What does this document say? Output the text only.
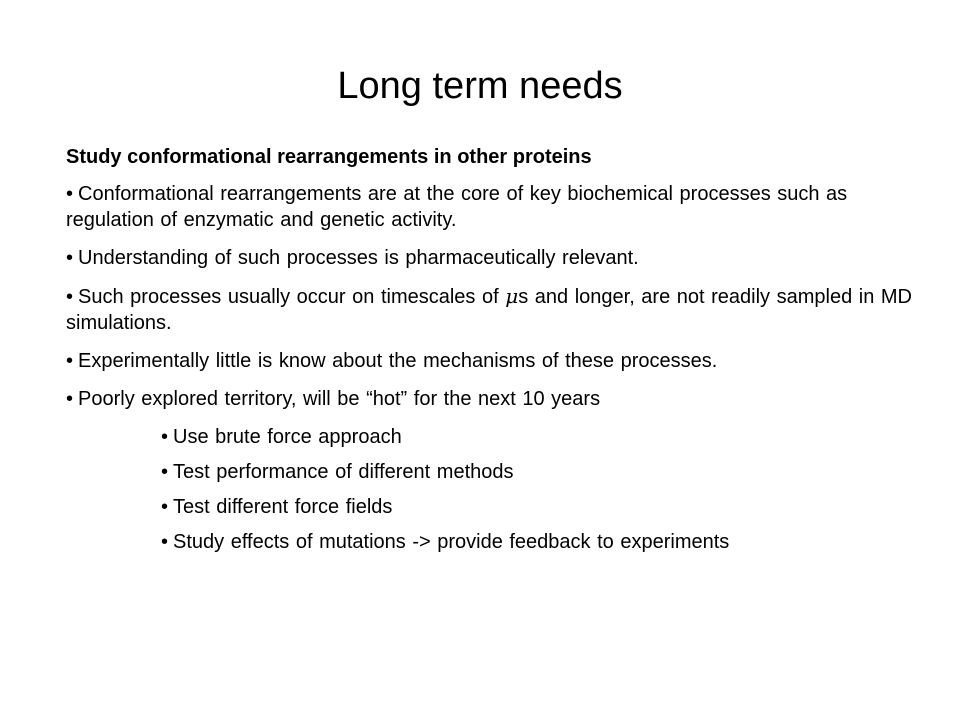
Long term needs

Study conformational rearrangements in other proteins

• Conformational rearrangements are at the core of key biochemical processes such as regulation of enzymatic and genetic activity.

• Understanding of such processes is pharmaceutically relevant.

• Such processes usually occur on timescales of μs and longer, are not readily sampled in MD simulations.

• Experimentally little is know about the mechanisms of these processes.

• Poorly explored territory, will be “hot” for the next 10 years

• Use brute force approach

• Test performance of different methods

• Test different force fields

• Study effects of mutations -> provide feedback to experiments
